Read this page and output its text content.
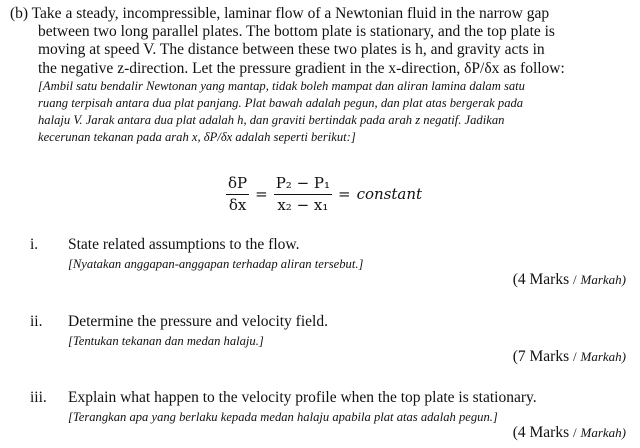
(b) Take a steady, incompressible, laminar flow of a Newtonian fluid in the narrow gap
between two long parallel plates. The bottom plate is stationary, and the top plate is
moving at speed V. The distance between these two plates is h, and gravity acts in
the negative z-direction. Let the pressure gradient in the x-direction, δP/δx as follow:
[Ambil satu bendalir Newtonan yang mantap, tidak boleh mampat dan aliran lamina dalam satu
ruang terpisah antara dua plat panjang. Plat bawah adalah pegun, dan plat atas bergerak pada
halaju V. Jarak antara dua plat adalah h, dan graviti bertindak pada arah z negatif. Jadikan
kecerunan tekanan pada arah x, δP/δx adalah seperti berikut:]
$\frac{\delta P}{\delta x} = \frac{\text{P₂ − P₁}}{\text{x₂ − x₁}}$ = constant
i. State related assumptions to the flow.
[Nyatakan anggapan-anggapan terhadap aliran tersebut.]
(4 Marks / Markah)
ii. Determine the pressure and velocity field.
[Tentukan tekanan dan medan halaju.]
(7 Marks / Markah)
iii. Explain what happen to the velocity profile when the top plate is stationary.
[Terangkan apa yang berlaku kepada medan halaju apabila plat atas adalah pegun.]
(4 Marks / Markah)
